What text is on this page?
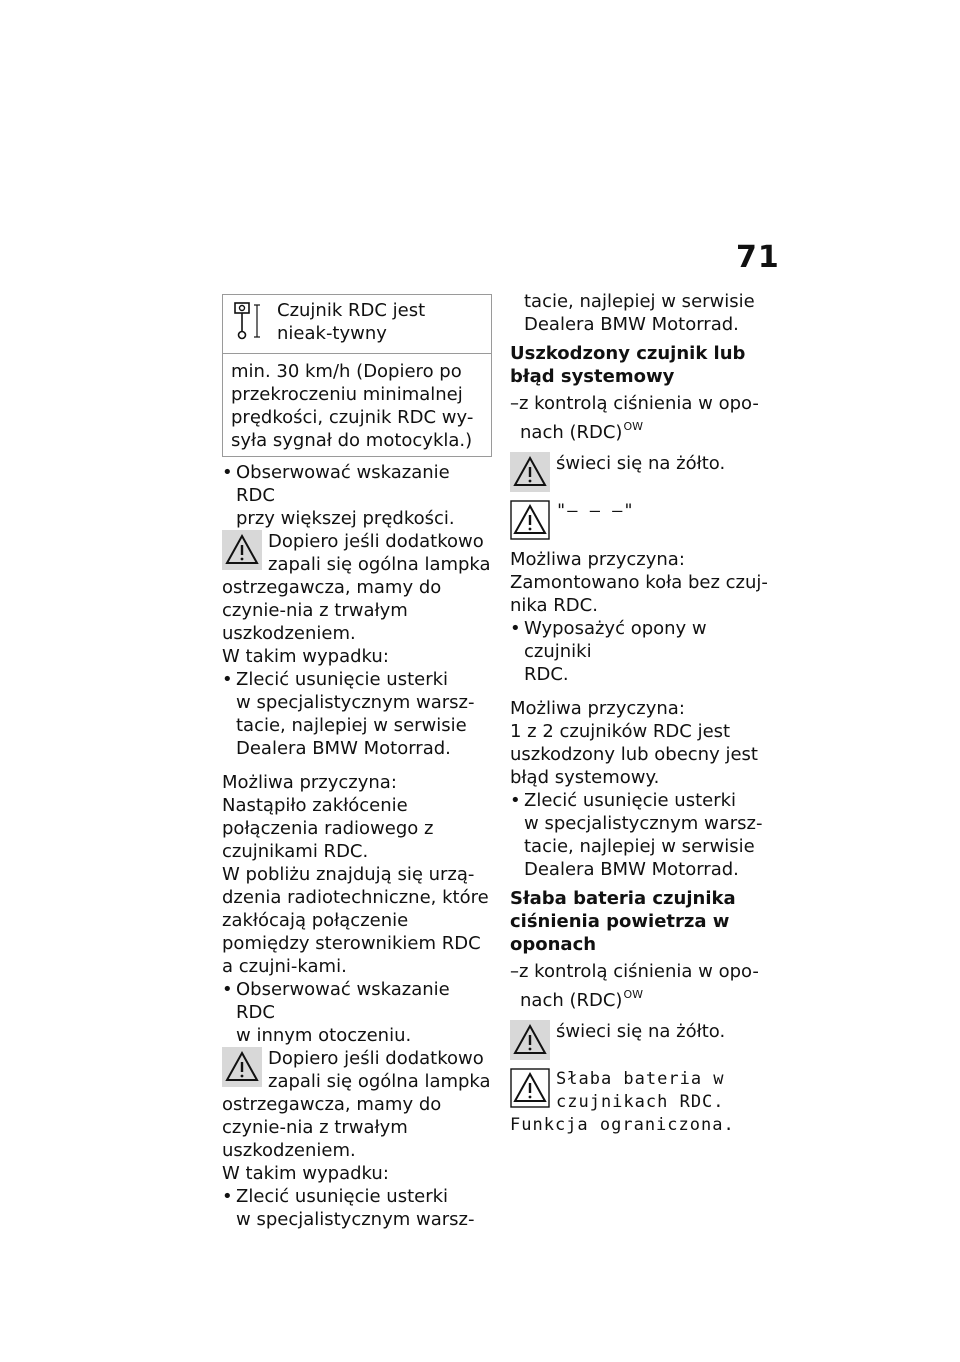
71
Czujnik RDC jest nieak-tywny
min. 30 km/h (Dopiero po przekroczeniu minimalnej prędkości, czujnik RDC wy-syła sygnał do motocykla.)

• Obserwować wskazanie RDC
przy większej prędkości.

Dopiero jeśli dodatkowo zapali się ogólna lampka ostrzegawcza, mamy do czynie-nia z trwałym uszkodzeniem.

W takim wypadku:

• Zlecić usunięcie usterki
w specjalistycznym warsz-
tacie, najlepiej w serwisie
Dealera BMW Motorrad.

Możliwa przyczyna:

Nastąpiło zakłócenie połączenia radiowego z czujnikami RDC.

W pobliżu znajdują się urzą-dzenia radiotechniczne, które zakłócają połączenie pomiędzy sterownikiem RDC a czujni-kami.

• Obserwować wskazanie RDC
w innym otoczeniu.

Dopiero jeśli dodatkowo zapali się ogólna lampka ostrzegawcza, mamy do czynie-nia z trwałym uszkodzeniem.

W takim wypadku:

• Zlecić usunięcie usterki
w specjalistycznym warsz-

tacie, najlepiej w serwisie
Dealera BMW Motorrad.

Uszkodzony czujnik lub błąd systemowy

–z kontrolą ciśnienia w opo-nach (RDC)$^{OW}$

świeci się na żółto.
"– – –"

Możliwa przyczyna:

Zamontowano koła bez czuj-nika RDC.

• Wyposażyć opony w czujniki
RDC.

Możliwa przyczyna:

1 z 2 czujników RDC jest uszkodzony lub obecny jest błąd systemowy.

• Zlecić usunięcie usterki
w specjalistycznym warsz-
tacie, najlepiej w serwisie
Dealera BMW Motorrad.

Słaba bateria czujnika ciśnienia powietrza w oponach

–z kontrolą ciśnienia w opo-nach (RDC)$^{OW}$

świeci się na żółto.
Słaba bateria w
czujnikach RDC.
Funkcja ograniczona.
